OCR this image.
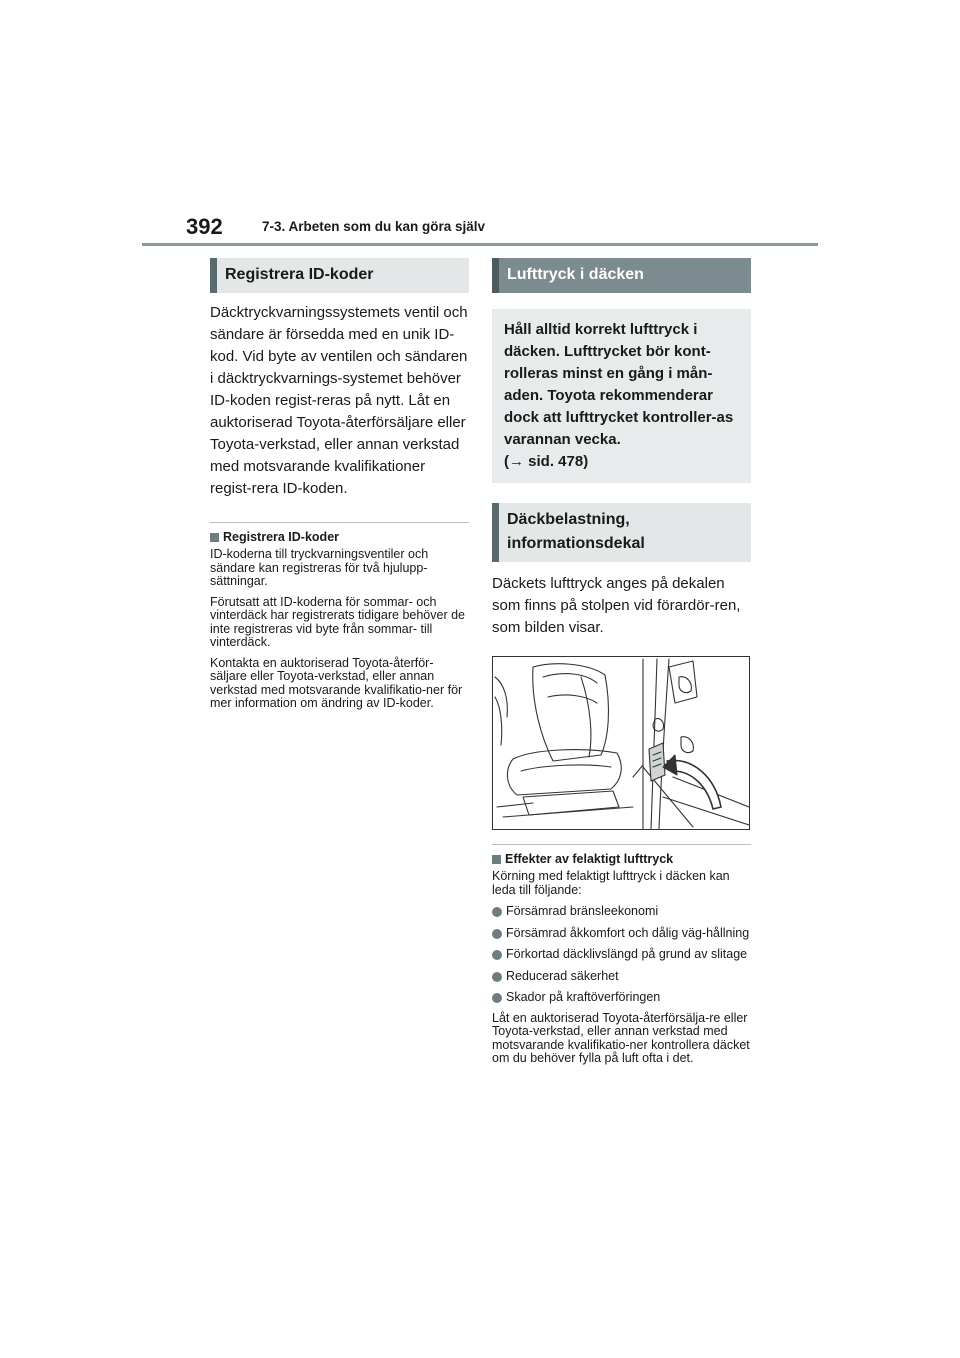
392	7-3. Arbeten som du kan göra själv
Registrera ID-koder

Däcktryckvarningssystemets ventil och sändare är försedda med en unik ID-kod. Vid byte av ventilen och sändaren i däcktryckvarnings-systemet behöver ID-koden regist-reras på nytt. Låt en auktoriserad Toyota-återförsäljare eller Toyota-verkstad, eller annan verkstad med motsvarande kvalifikationer regist-rera ID-koden.

Registrera ID-koder

ID-koderna till tryckvarningsventiler och sändare kan registreras för två hjulupp-sättningar.

Förutsatt att ID-koderna för sommar- och vinterdäck har registrerats tidigare behöver de inte registreras vid byte från sommar- till vinterdäck.

Kontakta en auktoriserad Toyota-återför-säljare eller Toyota-verkstad, eller annan verkstad med motsvarande kvalifikatio-ner för mer information om ändring av ID-koder.

Lufttryck i däcken
Håll alltid korrekt lufttryck i däcken. Lufttrycket bör kont-rolleras minst en gång i mån-aden. Toyota rekommenderar dock att lufttrycket kontroller-as varannan vecka.
(→ sid. 478)
Däckbelastning, informationsdekal

Däckets lufttryck anges på dekalen som finns på stolpen vid förardör-ren, som bilden visar.

Effekter av felaktigt lufttryck

Körning med felaktigt lufttryck i däcken kan leda till följande:

Försämrad bränsleekonomi
Försämrad åkkomfort och dålig väg-hållning
Förkortad däcklivslängd på grund av slitage
Reducerad säkerhet
Skador på kraftöverföringen

Låt en auktoriserad Toyota-återförsälja-re eller Toyota-verkstad, eller annan verkstad med motsvarande kvalifikatio-ner kontrollera däcket om du behöver fylla på luft ofta i det.
